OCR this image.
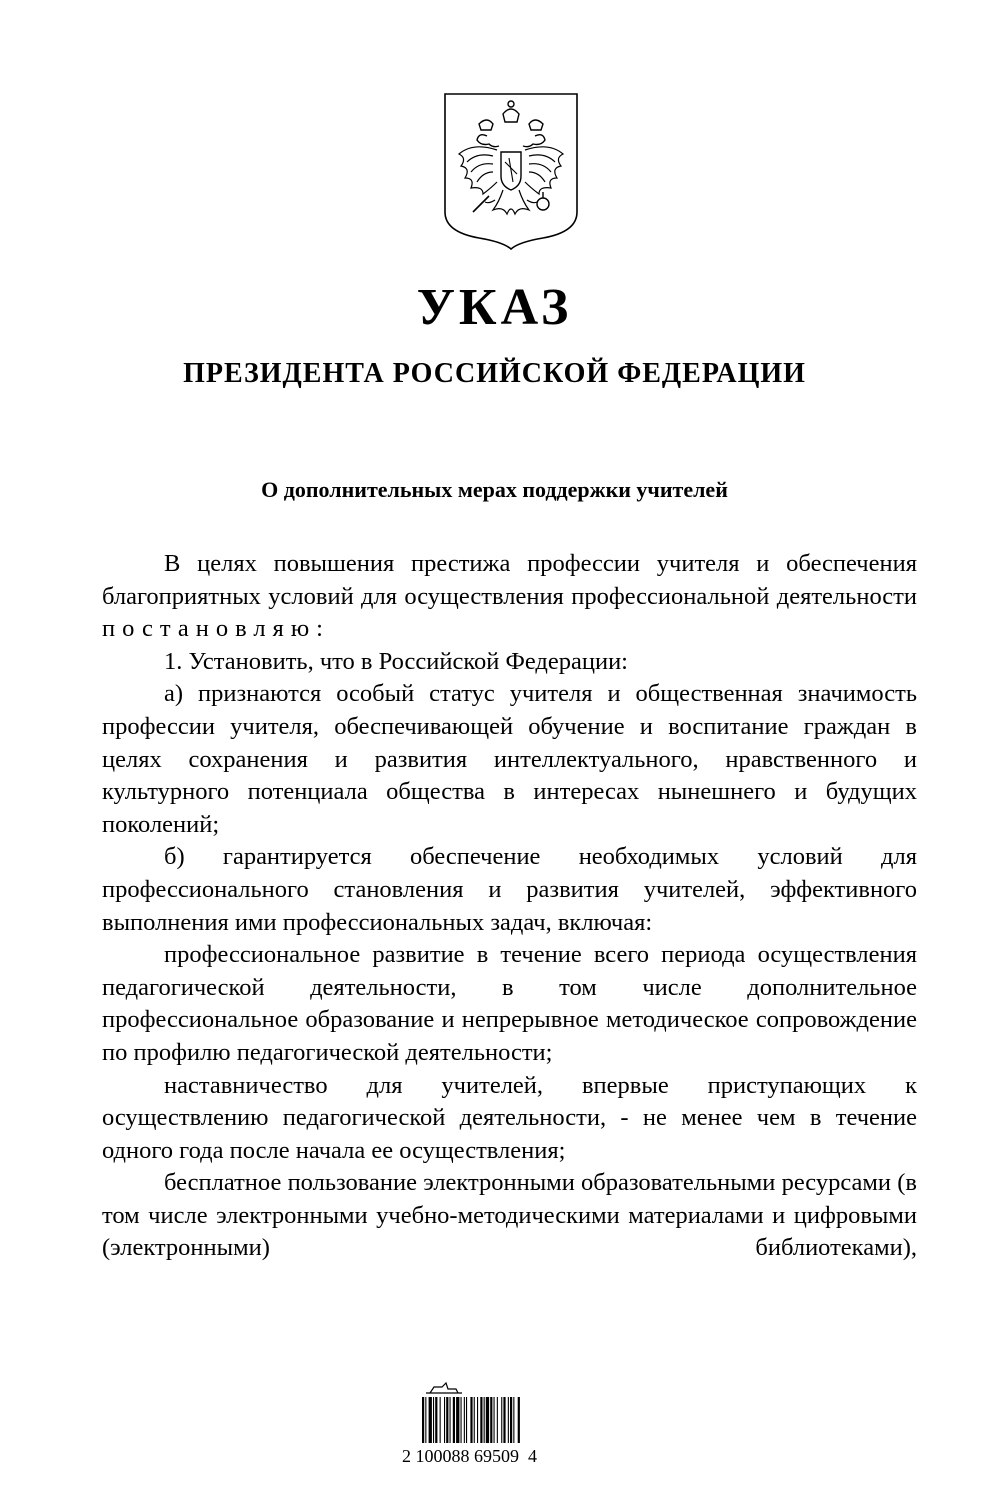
УКАЗ
ПРЕЗИДЕНТА РОССИЙСКОЙ ФЕДЕРАЦИИ
О дополнительных мерах поддержки учителей

В целях повышения престижа профессии учителя и обеспечения благоприятных условий для осуществления профессиональной деятельности постановляю:

1. Установить, что в Российской Федерации:

а) признаются особый статус учителя и общественная значимость профессии учителя, обеспечивающей обучение и воспитание граждан в целях сохранения и развития интеллектуального, нравственного и культурного потенциала общества в интересах нынешнего и будущих поколений;

б) гарантируется обеспечение необходимых условий для профессионального становления и развития учителей, эффективного выполнения ими профессиональных задач, включая:

профессиональное развитие в течение всего периода осуществления педагогической деятельности, в том числе дополнительное профессиональное образование и непрерывное методическое сопровождение по профилю педагогической деятельности;

наставничество для учителей, впервые приступающих к осуществлению педагогической деятельности, - не менее чем в течение одного года после начала ее осуществления;

бесплатное пользование электронными образовательными ресурсами (в том числе электронными учебно-методическими материалами и цифровыми (электронными) библиотеками),

2 100088 69509  4
